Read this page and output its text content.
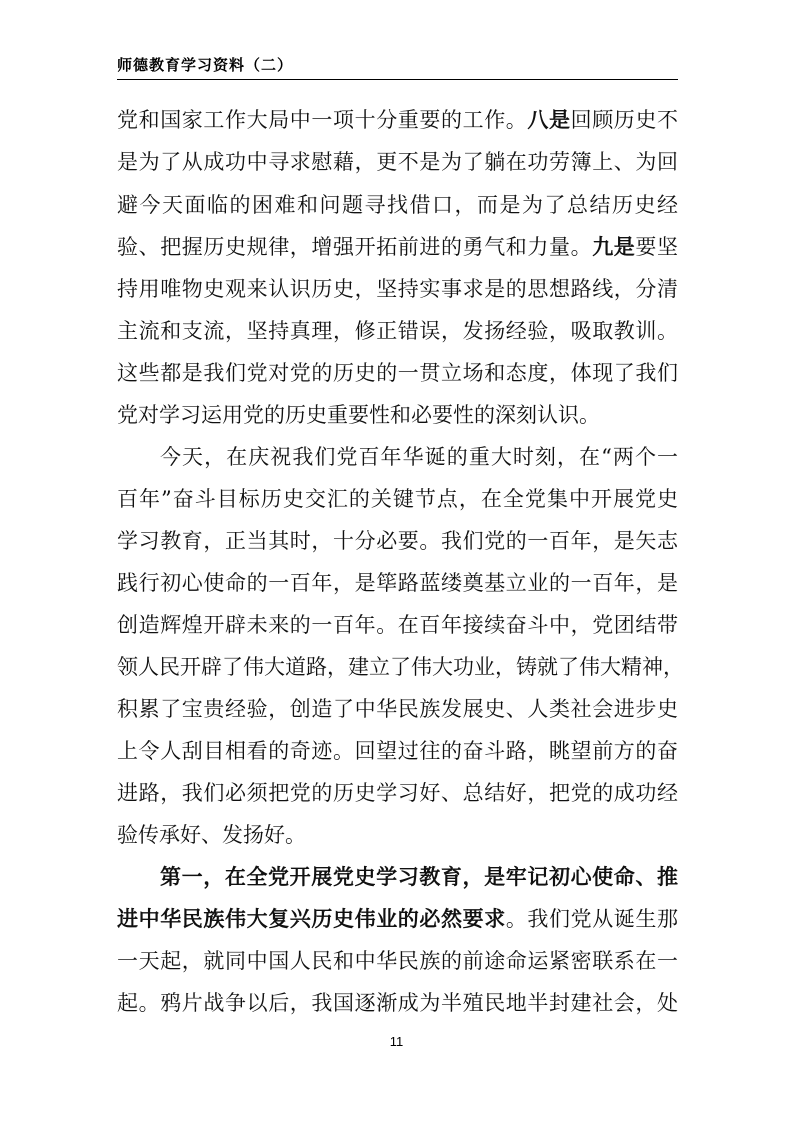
师德教育学习资料（二）
党和国家工作大局中一项十分重要的工作。八是回顾历史不
是为了从成功中寻求慰藉，更不是为了躺在功劳簿上、为回
避今天面临的困难和问题寻找借口，而是为了总结历史经
验、把握历史规律，增强开拓前进的勇气和力量。九是要坚
持用唯物史观来认识历史，坚持实事求是的思想路线，分清
主流和支流，坚持真理，修正错误，发扬经验，吸取教训。
这些都是我们党对党的历史的一贯立场和态度，体现了我们
党对学习运用党的历史重要性和必要性的深刻认识。
今天，在庆祝我们党百年华诞的重大时刻，在“两个一
百年”奋斗目标历史交汇的关键节点，在全党集中开展党史
学习教育，正当其时，十分必要。我们党的一百年，是矢志
践行初心使命的一百年，是筚路蓝缕奠基立业的一百年，是
创造辉煌开辟未来的一百年。在百年接续奋斗中，党团结带
领人民开辟了伟大道路，建立了伟大功业，铸就了伟大精神，
积累了宝贵经验，创造了中华民族发展史、人类社会进步史
上令人刮目相看的奇迹。回望过往的奋斗路，眺望前方的奋
进路，我们必须把党的历史学习好、总结好，把党的成功经
验传承好、发扬好。
第一，在全党开展党史学习教育，是牢记初心使命、推
进中华民族伟大复兴历史伟业的必然要求。我们党从诞生那
一天起，就同中国人民和中华民族的前途命运紧密联系在一
起。鸦片战争以后，我国逐渐成为半殖民地半封建社会，处
11
